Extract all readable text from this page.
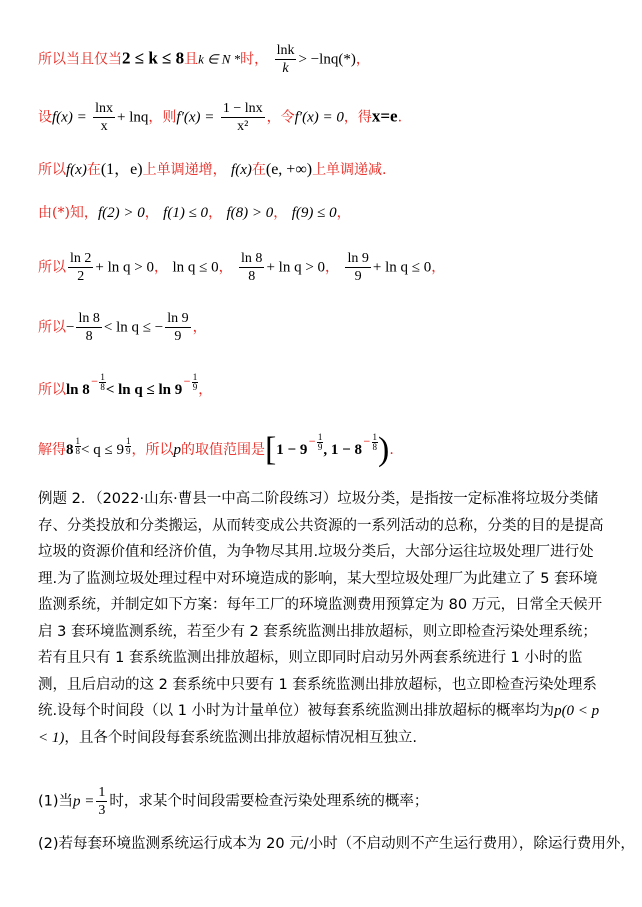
所以当且仅当2 ≤ k ≤ 8且k ∈ N *时， $\frac{\ln k}{k} > -\ln q(*)$，
设$f(x) = \frac{\ln x}{x} + \ln q$，则$f'(x) = \frac{1 - \ln x}{\text{x²}}$ ，令f′(x) = 0，得x=e.
所以f(x)在(1，e)上单调递增， f(x)在(e, +∞)上单调递减.
由(*)知，f(2) > 0， f(1) ≤ 0， f(8) > 0， f(9) ≤ 0，
所以 $\frac{\ln 2}{2} + \ln q > 0$， ln q ≤ 0， $\frac{\ln 8}{8} + \ln q > 0$， $\frac{\ln 9}{9} + \ln q \le 0$，
所以− $\frac{\ln 8}{8} < \ln q$ ≤ − $\frac{\ln 9}{9}$ ，
所以$\ln 8 - \frac{1}{8} < \ln q \le \ln 9 - \frac{1}{9}$ ，
解得8
1
8 < q ≤ 9
1
9 ，所以p的取值范围是[$1 - 9 - \frac{1}{9}$ , $1 - 8 - \frac{1}{8}$ ).
例题 2．（2022·山东·曹县一中高二阶段练习）垃圾分类，是指按一定标准将垃圾分类储存、分类投放和分类搬运，从而转变成公共资源的一系列活动的总称，分类的目的是提高垃圾的资源价值和经济价值，为争物尽其用.垃圾分类后，大部分运往垃圾处理厂进行处理.为了监测垃圾处理过程中对环境造成的影响，某大型垃圾处理厂为此建立了 5 套环境监测系统，并制定如下方案：每年工厂的环境监测费用预算定为 80 万元，日常全天候开启 3 套环境监测系统，若至少有 2 套系统监测出排放超标，则立即检查污染处理系统；若有且只有 1 套系统监测出排放超标，则立即同时启动另外两套系统进行 1 小时的监测，且后启动的这 2 套系统中只要有 1 套系统监测出排放超标，也立即检查污染处理系统.设每个时间段（以 1 小时为计量单位）被每套系统监测出排放超标的概率均为p(0 < p < 1)，且各个时间段每套系统监测出排放超标情况相互独立.
(1)当$p = \frac{1}{3}$ 时，求某个时间段需要检查污染处理系统的概率；
(2)若每套环境监测系统运行成本为 20 元/小时（不启动则不产生运行费用），除运行费用外，
